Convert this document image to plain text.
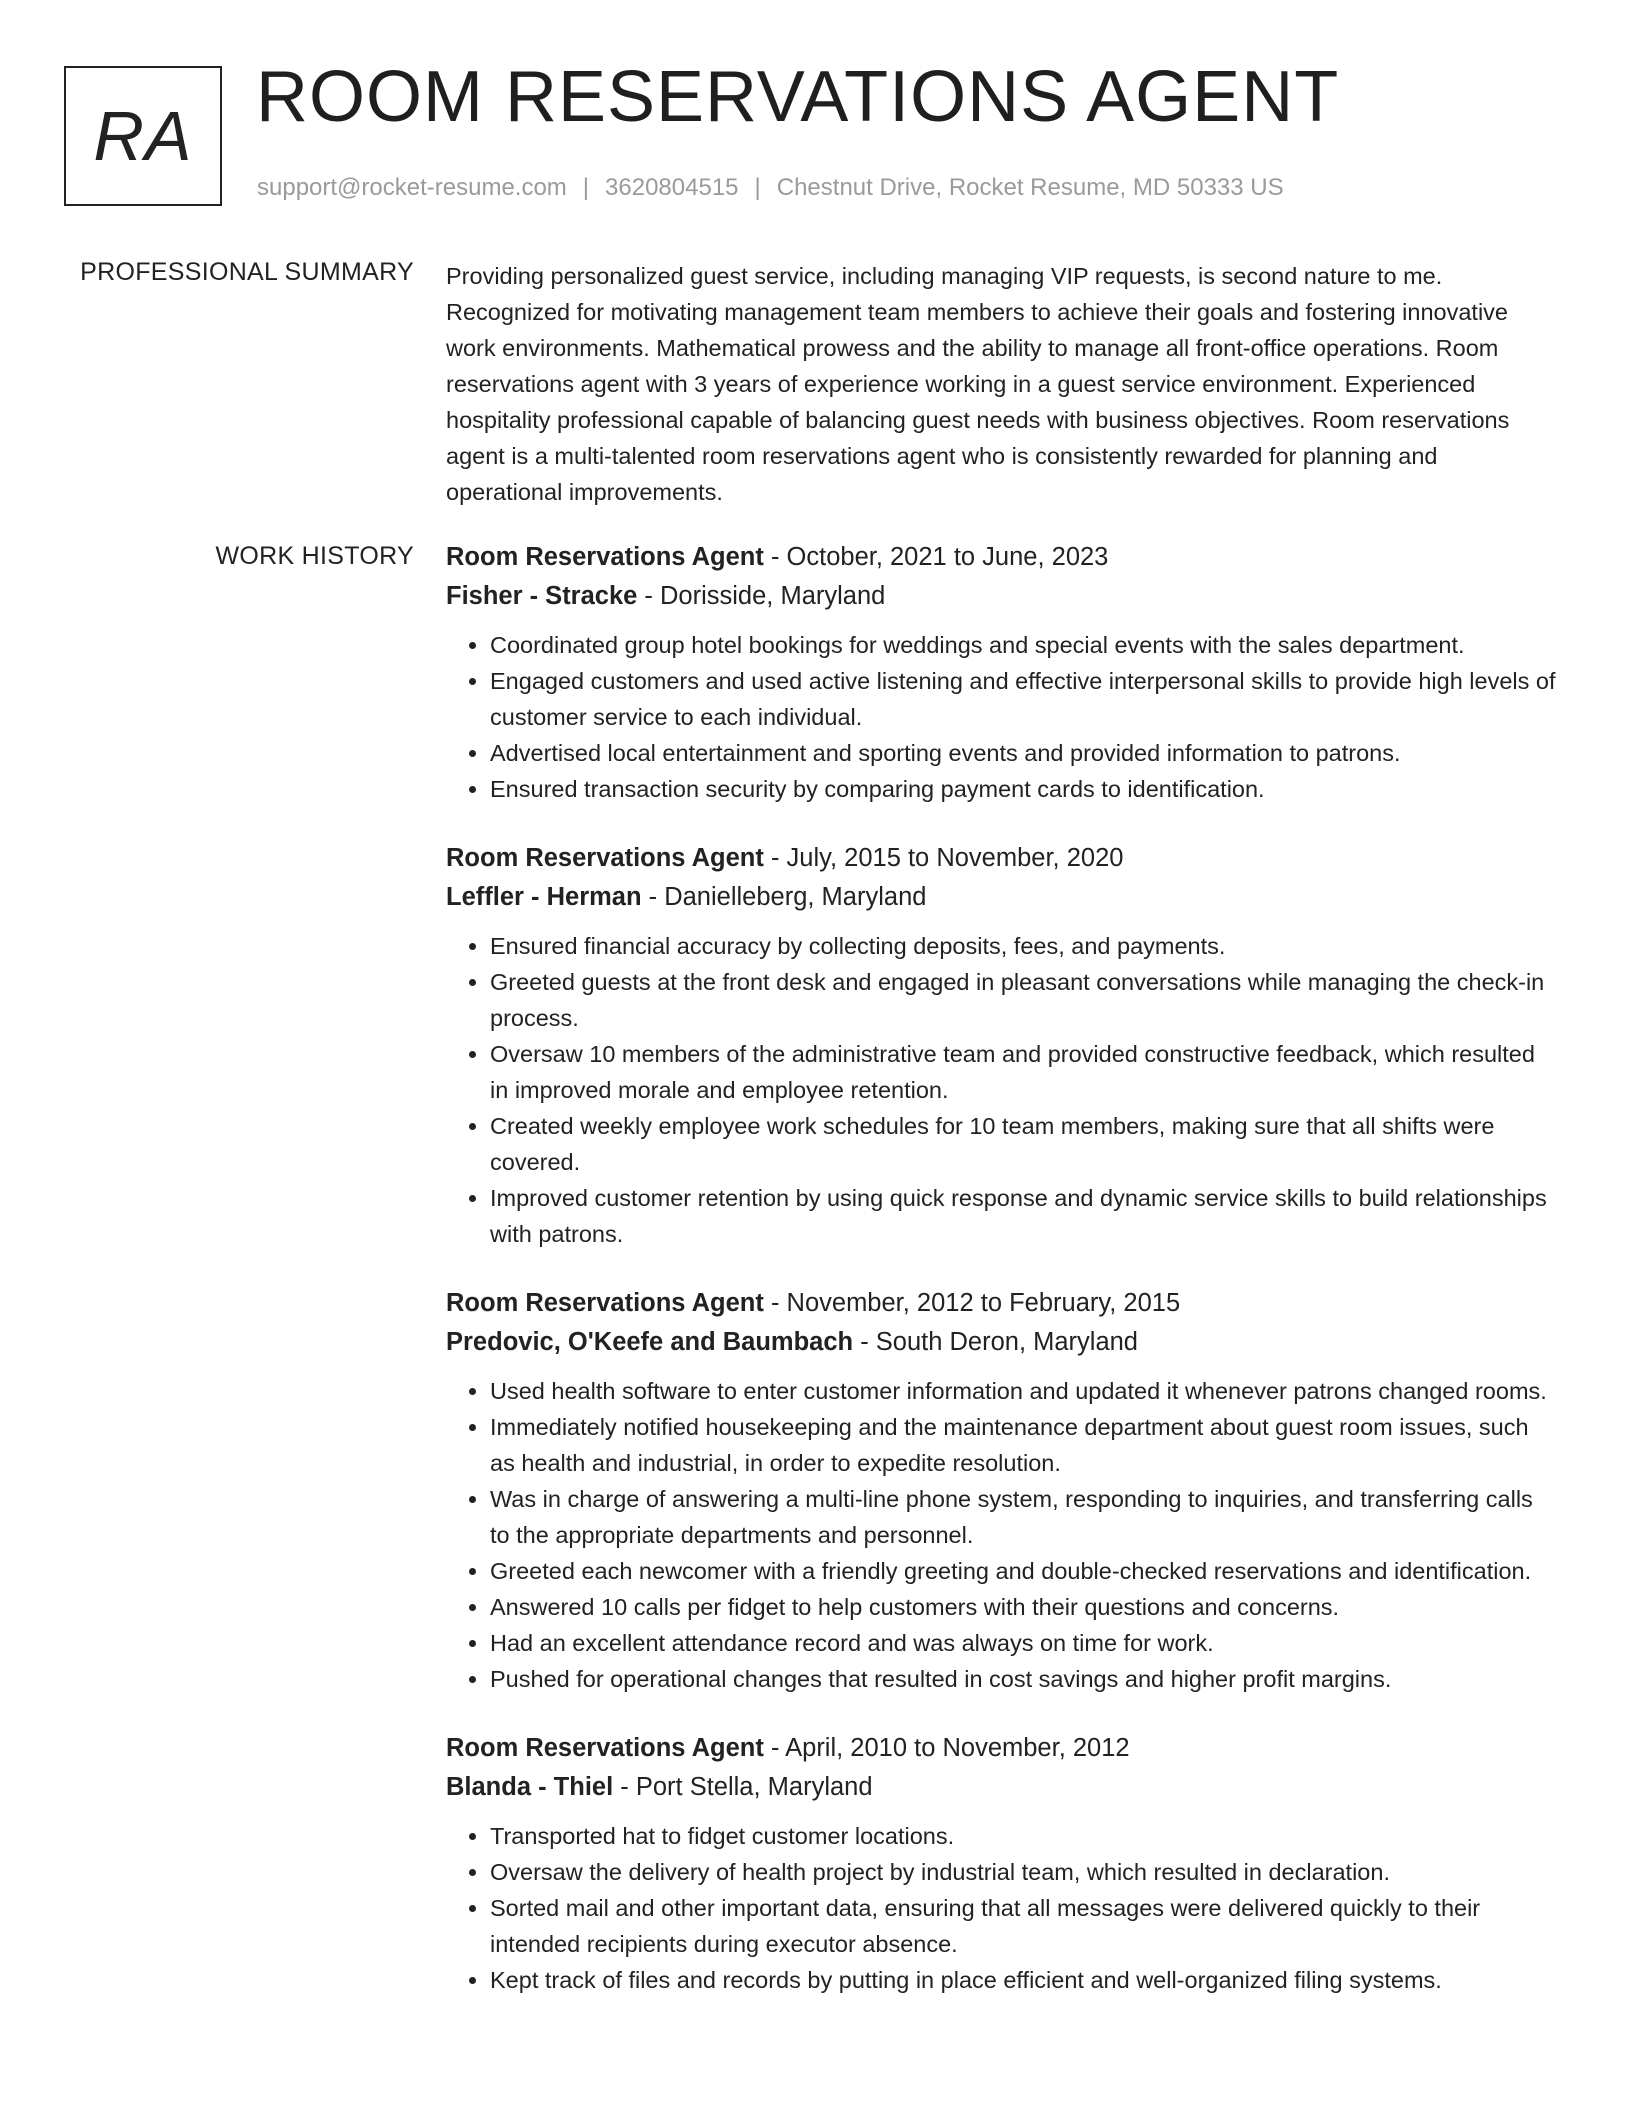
RA ROOM RESERVATIONS AGENT
support@rocket-resume.com | 3620804515 | Chestnut Drive, Rocket Resume, MD 50333 US
PROFESSIONAL SUMMARY Providing personalized guest service, including managing VIP requests, is second nature to me. Recognized for motivating management team members to achieve their goals and fostering innovative work environments. Mathematical prowess and the ability to manage all front-office operations. Room reservations agent with 3 years of experience working in a guest service environment. Experienced hospitality professional capable of balancing guest needs with business objectives. Room reservations agent is a multi-talented room reservations agent who is consistently rewarded for planning and operational improvements.
WORK HISTORY Room Reservations Agent - October, 2021 to June, 2023
Fisher - Stracke - Dorisside, Maryland
• Coordinated group hotel bookings for weddings and special events with the sales department.
• Engaged customers and used active listening and effective interpersonal skills to provide high levels of customer service to each individual.
• Advertised local entertainment and sporting events and provided information to patrons.
• Ensured transaction security by comparing payment cards to identification.
Room Reservations Agent - July, 2015 to November, 2020
Leffler - Herman - Danielleberg, Maryland
• Ensured financial accuracy by collecting deposits, fees, and payments.
• Greeted guests at the front desk and engaged in pleasant conversations while managing the check-in process.
• Oversaw 10 members of the administrative team and provided constructive feedback, which resulted in improved morale and employee retention.
• Created weekly employee work schedules for 10 team members, making sure that all shifts were covered.
• Improved customer retention by using quick response and dynamic service skills to build relationships with patrons.
Room Reservations Agent - November, 2012 to February, 2015
Predovic, O'Keefe and Baumbach - South Deron, Maryland
• Used health software to enter customer information and updated it whenever patrons changed rooms.
• Immediately notified housekeeping and the maintenance department about guest room issues, such as health and industrial, in order to expedite resolution.
• Was in charge of answering a multi-line phone system, responding to inquiries, and transferring calls to the appropriate departments and personnel.
• Greeted each newcomer with a friendly greeting and double-checked reservations and identification.
• Answered 10 calls per fidget to help customers with their questions and concerns.
• Had an excellent attendance record and was always on time for work.
• Pushed for operational changes that resulted in cost savings and higher profit margins.
Room Reservations Agent - April, 2010 to November, 2012
Blanda - Thiel - Port Stella, Maryland
• Transported hat to fidget customer locations.
• Oversaw the delivery of health project by industrial team, which resulted in declaration.
• Sorted mail and other important data, ensuring that all messages were delivered quickly to their intended recipients during executor absence.
• Kept track of files and records by putting in place efficient and well-organized filing systems.
